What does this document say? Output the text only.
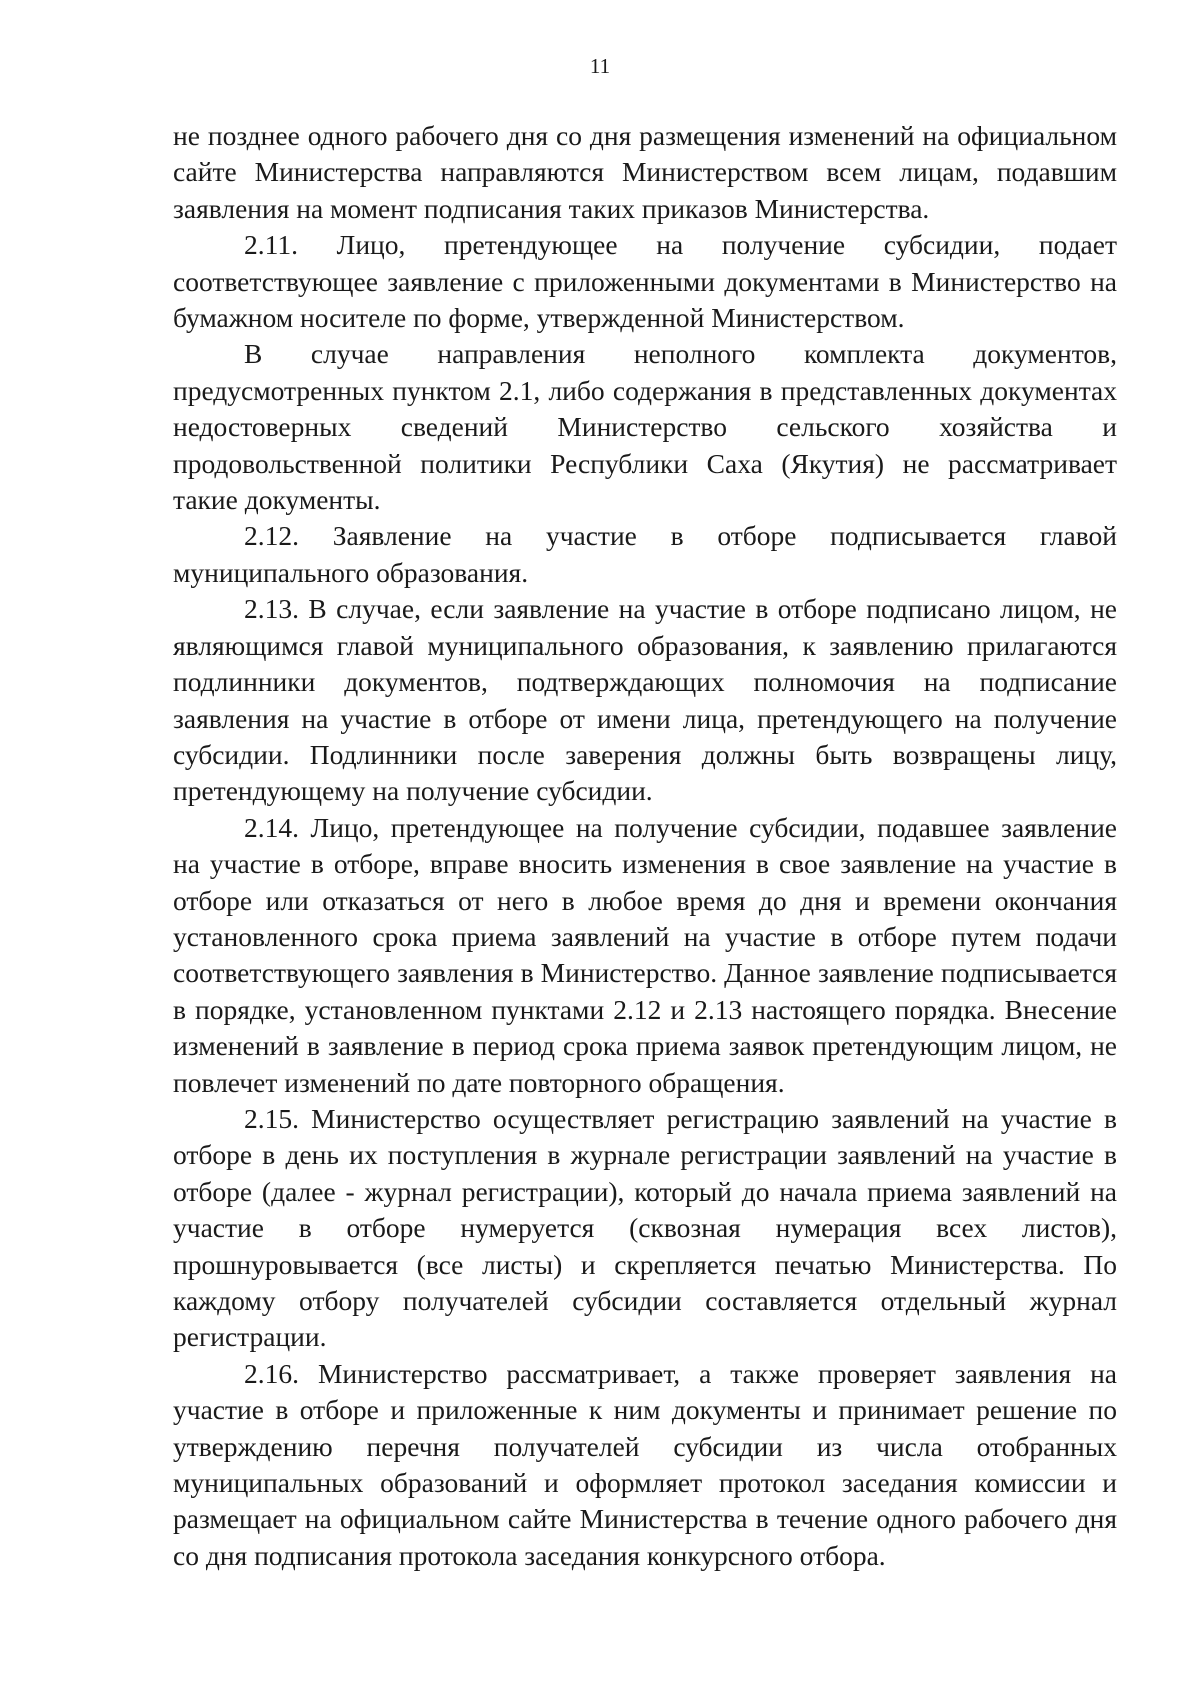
11

не позднее одного рабочего дня со дня размещения изменений на официальном сайте Министерства направляются Министерством всем лицам, подавшим заявления на момент подписания таких приказов Министерства.

2.11. Лицо, претендующее на получение субсидии, подает соответствующее заявление с приложенными документами в Министерство на бумажном носителе по форме, утвержденной Министерством.

В случае направления неполного комплекта документов, предусмотренных пунктом 2.1, либо содержания в представленных документах недостоверных сведений Министерство сельского хозяйства и продовольственной политики Республики Саха (Якутия) не рассматривает такие документы.

2.12. Заявление на участие в отборе подписывается главой муниципального образования.

2.13. В случае, если заявление на участие в отборе подписано лицом, не являющимся главой муниципального образования, к заявлению прилагаются подлинники документов, подтверждающих полномочия на подписание заявления на участие в отборе от имени лица, претендующего на получение субсидии. Подлинники после заверения должны быть возвращены лицу, претендующему на получение субсидии.

2.14. Лицо, претендующее на получение субсидии, подавшее заявление на участие в отборе, вправе вносить изменения в свое заявление на участие в отборе или отказаться от него в любое время до дня и времени окончания установленного срока приема заявлений на участие в отборе путем подачи соответствующего заявления в Министерство. Данное заявление подписывается в порядке, установленном пунктами 2.12 и 2.13 настоящего порядка. Внесение изменений в заявление в период срока приема заявок претендующим лицом, не повлечет изменений по дате повторного обращения.

2.15. Министерство осуществляет регистрацию заявлений на участие в отборе в день их поступления в журнале регистрации заявлений на участие в отборе (далее - журнал регистрации), который до начала приема заявлений на участие в отборе нумеруется (сквозная нумерация всех листов), прошнуровывается (все листы) и скрепляется печатью Министерства. По каждому отбору получателей субсидии составляется отдельный журнал регистрации.

2.16. Министерство рассматривает, а также проверяет заявления на участие в отборе и приложенные к ним документы и принимает решение по утверждению перечня получателей субсидии из числа отобранных муниципальных образований и оформляет протокол заседания комиссии и размещает на официальном сайте Министерства в течение одного рабочего дня со дня подписания протокола заседания конкурсного отбора.
